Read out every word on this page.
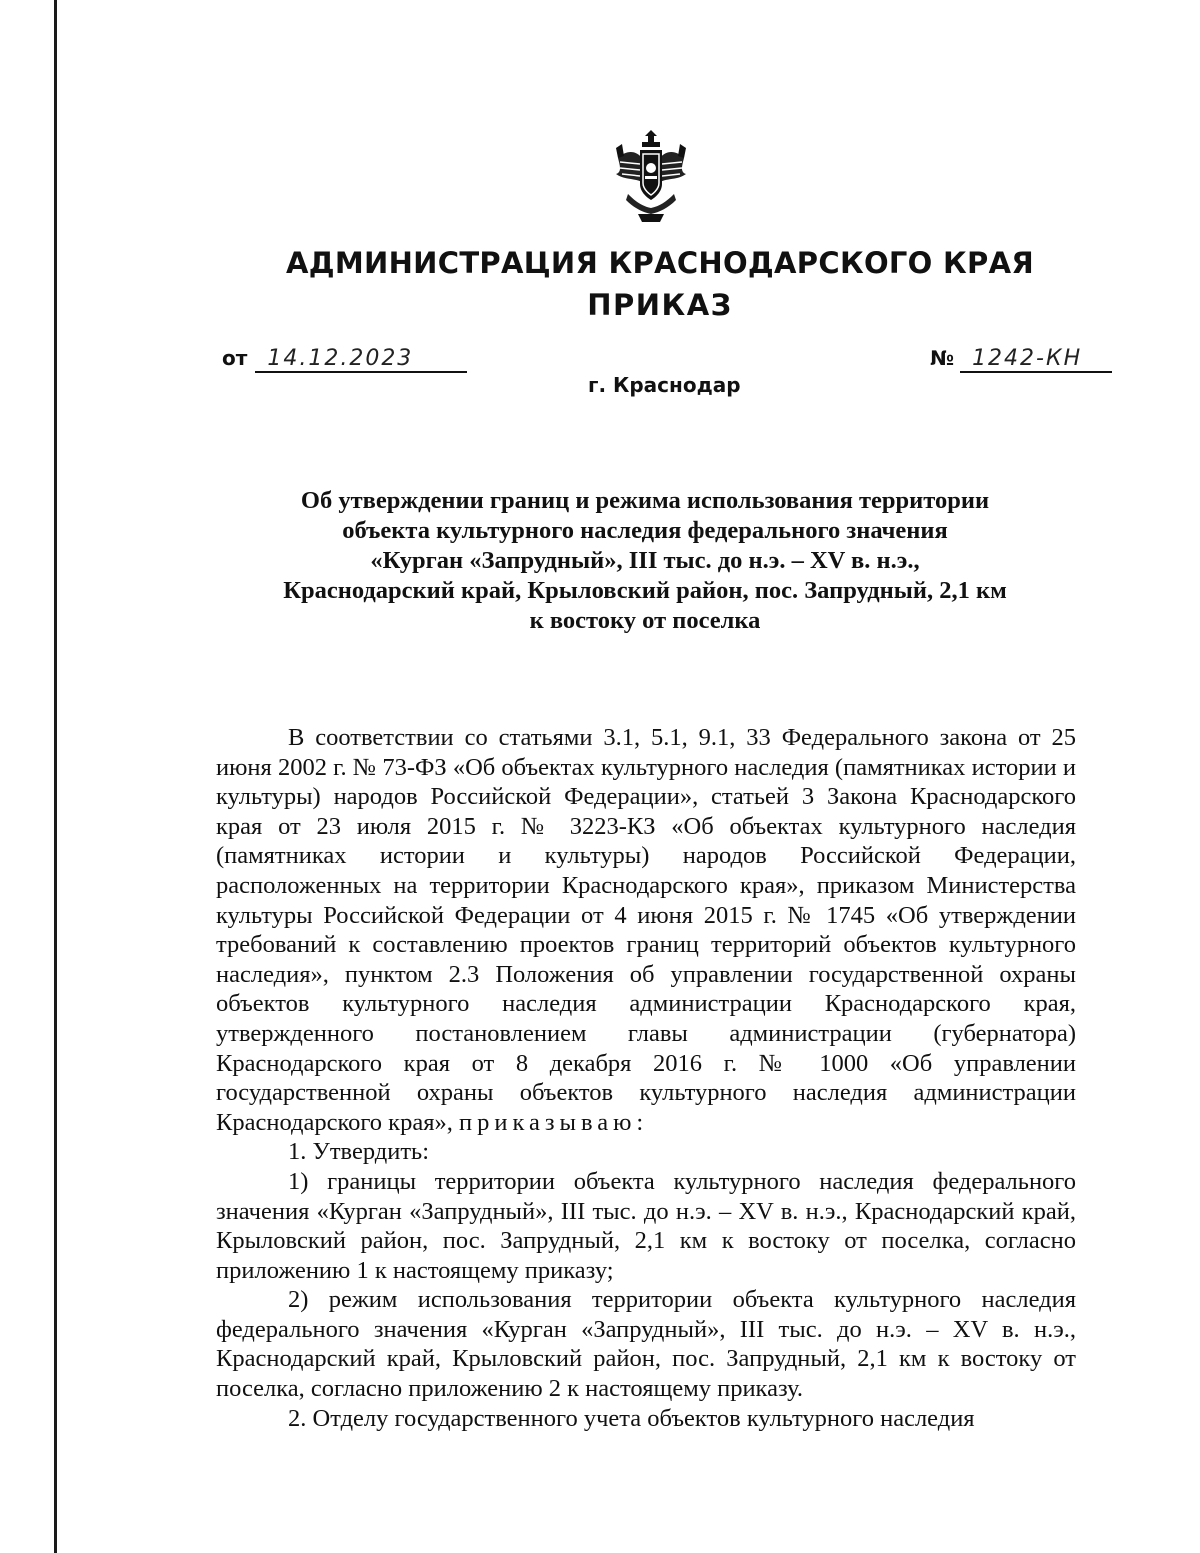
АДМИНИСТРАЦИЯ КРАСНОДАРСКОГО КРАЯ
ПРИКАЗ
от 14.12.2023	№ 1242-КН
г. Краснодар
Об утверждении границ и режима использования территории
объекта культурного наследия федерального значения
«Курган «Запрудный», III тыс. до н.э. – XV в. н.э.,
Краснодарский край, Крыловский район, пос. Запрудный, 2,1 км
к востоку от поселка

В соответствии со статьями 3.1, 5.1, 9.1, 33 Федерального закона от 25 июня 2002 г. № 73-ФЗ «Об объектах культурного наследия (памятниках истории и культуры) народов Российской Федерации», статьей 3 Закона Краснодарского края от 23 июля 2015 г. № 3223-КЗ «Об объектах культурного наследия (памятниках истории и культуры) народов Российской Федерации, расположенных на территории Краснодарского края», приказом Министерства культуры Российской Федерации от 4 июня 2015 г. № 1745 «Об утверждении требований к составлению проектов границ территорий объектов культурного наследия», пунктом 2.3 Положения об управлении государственной охраны объектов культурного наследия администрации Краснодарского края, утвержденного постановлением главы администрации (губернатора) Краснодарского края от 8 декабря 2016 г. № 1000 «Об управлении государственной охраны объектов культурного наследия администрации Краснодарского края», приказываю:

1. Утвердить:

1) границы территории объекта культурного наследия федерального значения «Курган «Запрудный», III тыс. до н.э. – XV в. н.э., Краснодарский край, Крыловский район, пос. Запрудный, 2,1 км к востоку от поселка, согласно приложению 1 к настоящему приказу;

2) режим использования территории объекта культурного наследия федерального значения «Курган «Запрудный», III тыс. до н.э. – XV в. н.э., Краснодарский край, Крыловский район, пос. Запрудный, 2,1 км к востоку от поселка, согласно приложению 2 к настоящему приказу.

2. Отделу государственного учета объектов культурного наследия
